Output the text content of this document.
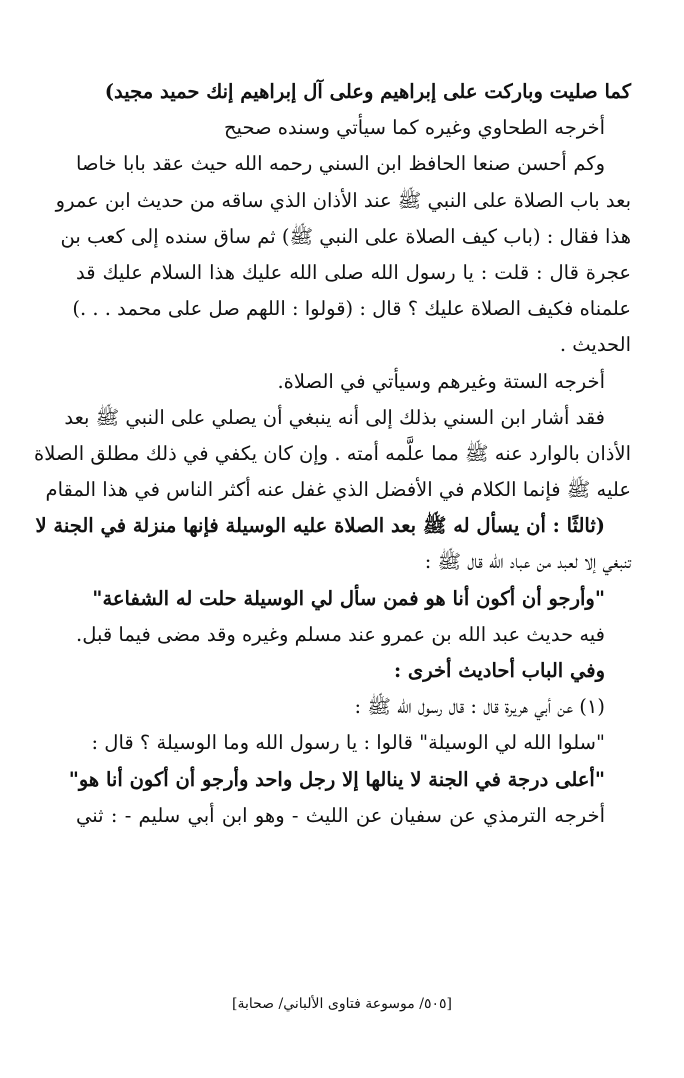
كما صليت وباركت على إبراهيم وعلى آل إبراهيم إنك حميد مجيد)
أخرجه الطحاوي وغيره كما سيأتي وسنده صحيح
وكم أحسن صنعا الحافظ ابن السني رحمه الله حيث عقد بابا خاصا
بعد باب الصلاة على النبي ﷺ عند الأذان الذي ساقه من حديث ابن عمرو
هذا فقال : (باب كيف الصلاة على النبي ﷺ) ثم ساق سنده إلى كعب بن
عجرة قال : قلت : يا رسول الله صلى الله عليك هذا السلام عليك قد
علمناه فكيف الصلاة عليك ؟ قال : (قولوا : اللهم صل على محمد . . .)
الحديث .
أخرجه الستة وغيرهم وسيأتي في الصلاة.
فقد أشار ابن السني بذلك إلى أنه ينبغي أن يصلي على النبي ﷺ بعد
الأذان بالوارد عنه ﷺ مما علَّمه أمته . وإن كان يكفي في ذلك مطلق الصلاة
عليه ﷺ فإنما الكلام في الأفضل الذي غفل عنه أكثر الناس في هذا المقام
(ثالثًا : أن يسأل له ﷺ بعد الصلاة عليه الوسيلة فإنها منزلة في الجنة لا
تنبغي إلا لعبد من عباد الله قال ﷺ :
"وأرجو أن أكون أنا هو فمن سأل لي الوسيلة حلت له الشفاعة"
فيه حديث عبد الله بن عمرو عند مسلم وغيره وقد مضى فيما قبل.
وفي الباب أحاديث أخرى :
(١) عن أبي هريرة قال : قال رسول الله ﷺ :
"سلوا الله لي الوسيلة" قالوا : يا رسول الله وما الوسيلة ؟ قال :
"أعلى درجة في الجنة لا ينالها إلا رجل واحد وأرجو أن أكون أنا هو"
أخرجه الترمذي عن سفيان عن الليث - وهو ابن أبي سليم - : ثني
[٥٠٥/ موسوعة فتاوى الألباني/ صحابة]
